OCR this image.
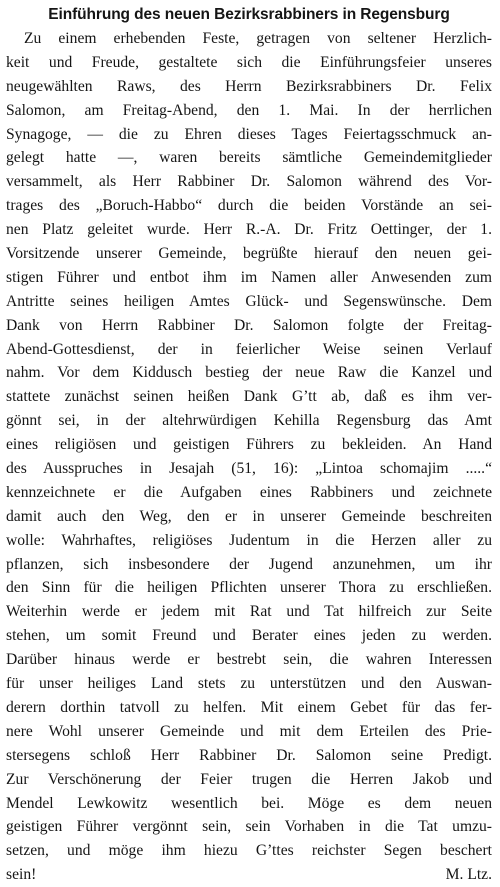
Einführung des neuen Bezirksrabbiners in Regensburg
Zu einem erhebenden Feste, getragen von seltener Herzlich-
keit und Freude, gestaltete sich die Einführungsfeier unseres
neugewählten Raws, des Herrn Bezirksrabbiners Dr. Felix
Salomon, am Freitag-Abend, den 1. Mai. In der herrlichen
Synagoge, — die zu Ehren dieses Tages Feiertagsschmuck an-
gelegt hatte —, waren bereits sämtliche Gemeindemitglieder
versammelt, als Herr Rabbiner Dr. Salomon während des Vor-
trages des „Boruch-Habbo“ durch die beiden Vorstände an sei-
nen Platz geleitet wurde. Herr R.-A. Dr. Fritz Oettinger, der 1.
Vorsitzende unserer Gemeinde, begrüßte hierauf den neuen gei-
stigen Führer und entbot ihm im Namen aller Anwesenden zum
Antritte seines heiligen Amtes Glück- und Segenswünsche. Dem
Dank von Herrn Rabbiner Dr. Salomon folgte der Freitag-
Abend-Gottesdienst, der in feierlicher Weise seinen Verlauf
nahm. Vor dem Kiddusch bestieg der neue Raw die Kanzel und
stattete zunächst seinen heißen Dank G’tt ab, daß es ihm ver-
gönnt sei, in der altehrwürdigen Kehilla Regensburg das Amt
eines religiösen und geistigen Führers zu bekleiden. An Hand
des Ausspruches in Jesajah (51, 16): „Lintoa schomajim .....“
kennzeichnete er die Aufgaben eines Rabbiners und zeichnete
damit auch den Weg, den er in unserer Gemeinde beschreiten
wolle: Wahrhaftes, religiöses Judentum in die Herzen aller zu
pflanzen, sich insbesondere der Jugend anzunehmen, um ihr
den Sinn für die heiligen Pflichten unserer Thora zu erschließen.
Weiterhin werde er jedem mit Rat und Tat hilfreich zur Seite
stehen, um somit Freund und Berater eines jeden zu werden.
Darüber hinaus werde er bestrebt sein, die wahren Interessen
für unser heiliges Land stets zu unterstützen und den Auswan-
derern dorthin tatvoll zu helfen. Mit einem Gebet für das fer-
nere Wohl unserer Gemeinde und mit dem Erteilen des Prie-
stersegens schloß Herr Rabbiner Dr. Salomon seine Predigt.
Zur Verschönerung der Feier trugen die Herren Jakob und
Mendel Lewkowitz wesentlich bei. Möge es dem neuen
geistigen Führer vergönnt sein, sein Vorhaben in die Tat umzu-
setzen, und möge ihm hiezu G’ttes reichster Segen beschert
sein!	M. Ltz.
